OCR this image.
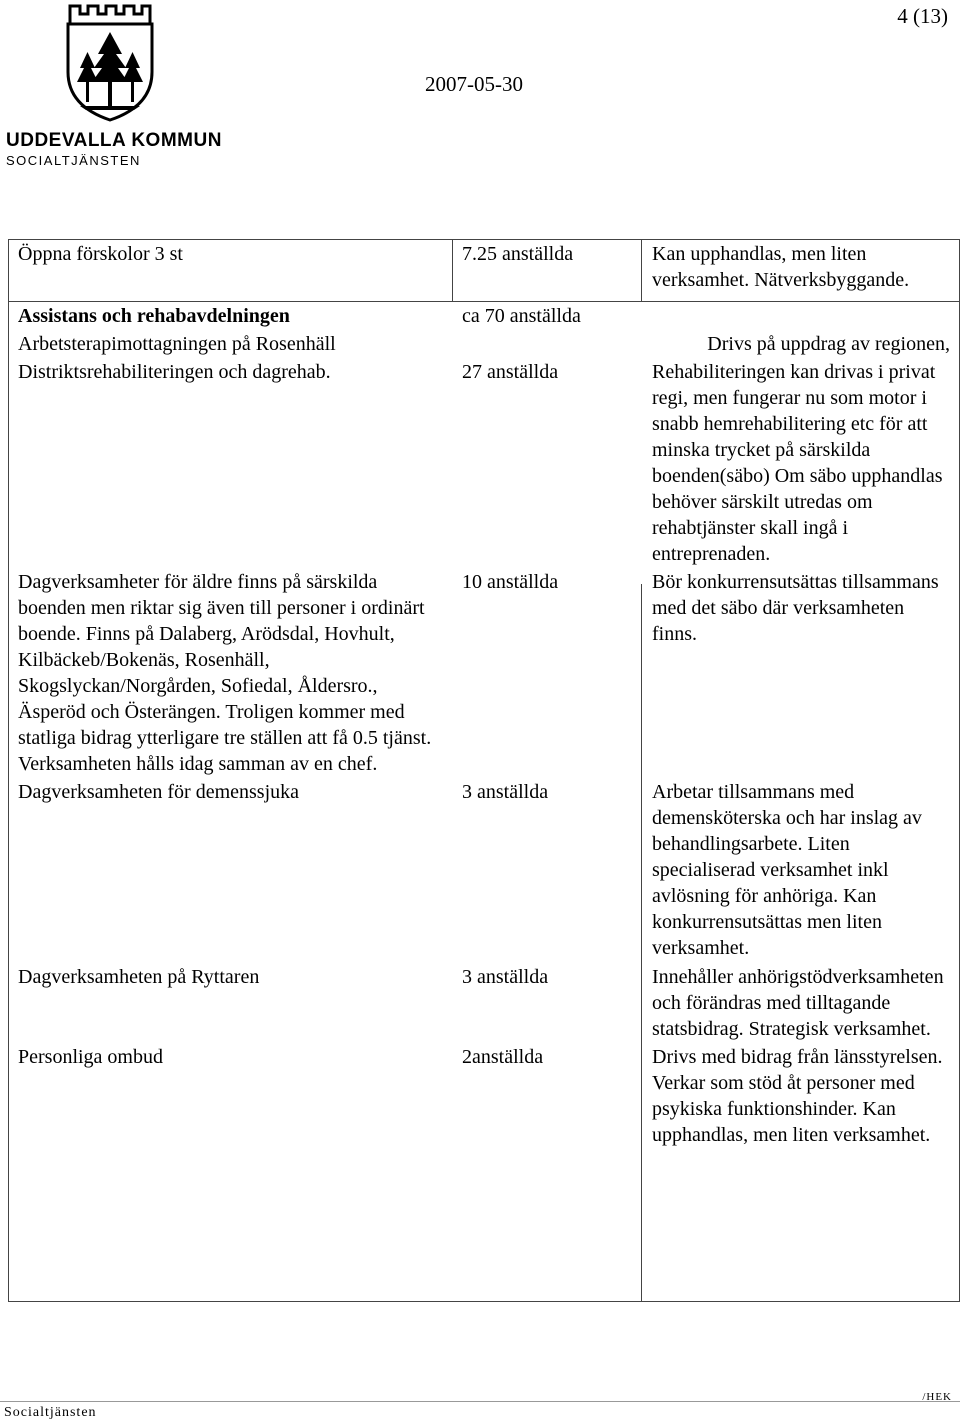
UDDEVALLA KOMMUN
SOCIALTJÄNSTEN
4 (13)
2007-05-30
Öppna förskolor 3 st	7.25 anställda	Kan upphandlas, men liten verksamhet. Nätverksbyggande.
Assistans och rehabavdelningen	ca 70 anställda	
Arbetsterapimottagningen på Rosenhäll		Drivs på uppdrag av regionen,
Distriktsrehabiliteringen och dagrehab.	27 anställda	Rehabiliteringen kan drivas i privat regi, men fungerar nu som motor i snabb hemrehabilitering etc för att minska trycket på särskilda boenden(säbo) Om säbo upphandlas behöver särskilt utredas om rehabtjänster skall ingå i entreprenaden.
Dagverksamheter för äldre finns på särskilda boenden men riktar sig även till personer i ordinärt boende. Finns på Dalaberg, Arödsdal, Hovhult, Kilbäckeb/Bokenäs, Rosenhäll, Skogslyckan/Norgården, Sofiedal, Åldersro., Äsperöd och Österängen. Troligen kommer med statliga bidrag ytterligare tre ställen att få 0.5 tjänst. Verksamheten hålls idag samman av en chef.	10 anställda	Bör konkurrensutsättas tillsammans med det säbo där verksamheten finns.
Dagverksamheten för demenssjuka	3 anställda	Arbetar tillsammans med demensköterska och har inslag av behandlingsarbete. Liten specialiserad verksamhet inkl avlösning för anhöriga. Kan konkurrensutsättas men liten verksamhet.
Dagverksamheten på Ryttaren	3 anställda	Innehåller anhörigstödverksamheten och förändras med tilltagande statsbidrag. Strategisk verksamhet.
Personliga ombud	2anställda	Drivs med bidrag från länsstyrelsen. Verkar som stöd åt personer med psykiska funktionshinder. Kan upphandlas, men liten verksamhet.
Socialtjänsten
/HEK
